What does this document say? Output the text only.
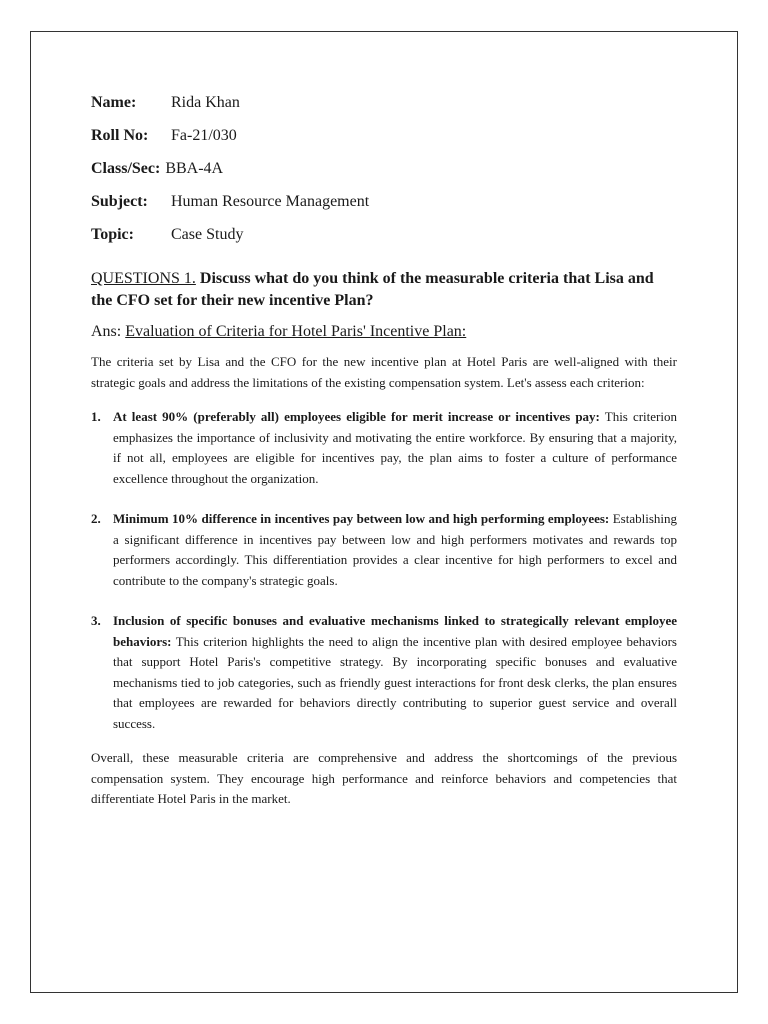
Name:	Rida Khan
Roll No:	Fa-21/030
Class/Sec: BBA-4A
Subject:	Human Resource Management
Topic:	Case Study
QUESTIONS 1. Discuss what do you think of the measurable criteria that Lisa and the CFO set for their new incentive Plan?
Ans: Evaluation of Criteria for Hotel Paris' Incentive Plan:

The criteria set by Lisa and the CFO for the new incentive plan at Hotel Paris are well-aligned with their strategic goals and address the limitations of the existing compensation system. Let's assess each criterion:

1. At least 90% (preferably all) employees eligible for merit increase or incentives pay: This criterion emphasizes the importance of inclusivity and motivating the entire workforce. By ensuring that a majority, if not all, employees are eligible for incentives pay, the plan aims to foster a culture of performance excellence throughout the organization.
2. Minimum 10% difference in incentives pay between low and high performing employees: Establishing a significant difference in incentives pay between low and high performers motivates and rewards top performers accordingly. This differentiation provides a clear incentive for high performers to excel and contribute to the company's strategic goals.
3. Inclusion of specific bonuses and evaluative mechanisms linked to strategically relevant employee behaviors: This criterion highlights the need to align the incentive plan with desired employee behaviors that support Hotel Paris's competitive strategy. By incorporating specific bonuses and evaluative mechanisms tied to job categories, such as friendly guest interactions for front desk clerks, the plan ensures that employees are rewarded for behaviors directly contributing to superior guest service and overall success.

Overall, these measurable criteria are comprehensive and address the shortcomings of the previous compensation system. They encourage high performance and reinforce behaviors and competencies that differentiate Hotel Paris in the market.
